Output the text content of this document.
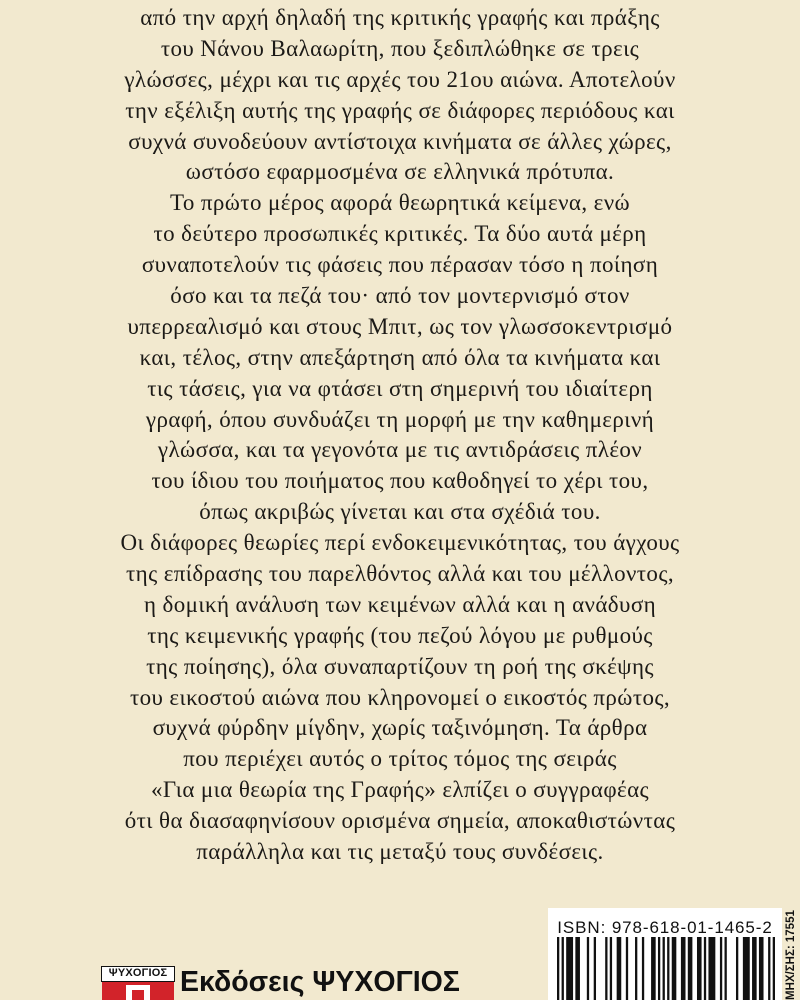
από την αρχή δηλαδή της κριτικής γραφής και πράξης
του Νάνου Βαλαωρίτη, που ξεδιπλώθηκε σε τρεις
γλώσσες, μέχρι και τις αρχές του 21ου αιώνα. Αποτελούν
την εξέλιξη αυτής της γραφής σε διάφορες περιόδους και
συχνά συνοδεύουν αντίστοιχα κινήματα σε άλλες χώρες,
ωστόσο εφαρμοσμένα σε ελληνικά πρότυπα.
Το πρώτο μέρος αφορά θεωρητικά κείμενα, ενώ
το δεύτερο προσωπικές κριτικές. Τα δύο αυτά μέρη
συναποτελούν τις φάσεις που πέρασαν τόσο η ποίηση
όσο και τα πεζά του· από τον μοντερνισμό στον
υπερρεαλισμό και στους Μπιτ, ως τον γλωσσοκεντρισμό
και, τέλος, στην απεξάρτηση από όλα τα κινήματα και
τις τάσεις, για να φτάσει στη σημερινή του ιδιαίτερη
γραφή, όπου συνδυάζει τη μορφή με την καθημερινή
γλώσσα, και τα γεγονότα με τις αντιδράσεις πλέον
του ίδιου του ποιήματος που καθοδηγεί το χέρι του,
όπως ακριβώς γίνεται και στα σχέδιά του.
Οι διάφορες θεωρίες περί ενδοκειμενικότητας, του άγχους
της επίδρασης του παρελθόντος αλλά και του μέλλοντος,
η δομική ανάλυση των κειμένων αλλά και η ανάδυση
της κειμενικής γραφής (του πεζού λόγου με ρυθμούς
της ποίησης), όλα συναπαρτίζουν τη ροή της σκέψης
του εικοστού αιώνα που κληρονομεί ο εικοστός πρώτος,
συχνά φύρδην μίγδην, χωρίς ταξινόμηση. Τα άρθρα
που περιέχει αυτός ο τρίτος τόμος της σειράς
«Για μια θεωρία της Γραφής» ελπίζει ο συγγραφέας
ότι θα διασαφηνίσουν ορισμένα σημεία, αποκαθιστώντας
παράλληλα και τις μεταξύ τους συνδέσεις.
ΨΥΧΟΓΙΟΣ Εκδόσεις ΨΥΧΟΓΙΟΣ
ISBN: 978-618-01-1465-2	ΜΗΧ/ΣΗΣ: 17551
